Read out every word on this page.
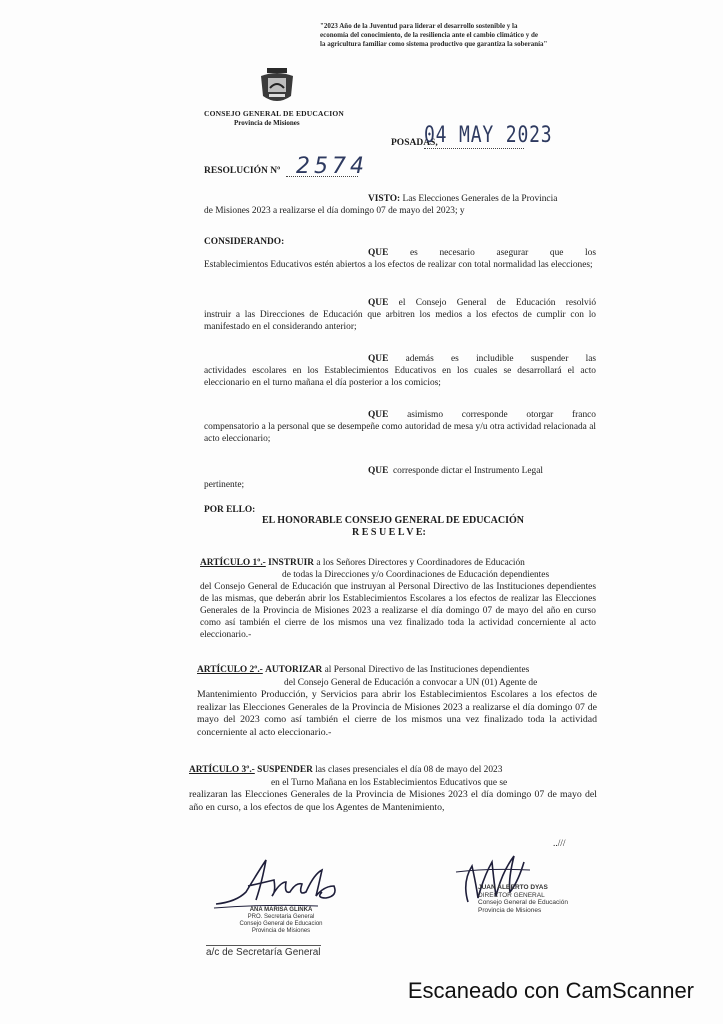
"2023 Año de la Juventud para liderar el desarrollo sostenible y la
economía del conocimiento, de la resiliencia ante el cambio climático y de
la agricultura familiar como sistema productivo que garantiza la soberanía"
CONSEJO GENERAL DE EDUCACION
Provincia de Misiones
POSADAS,
04 MAY 2023
RESOLUCIÓN Nº 2574
VISTO: Las Elecciones Generales de la Provincia
de Misiones 2023 a realizarse el día domingo 07 de mayo del 2023; y
CONSIDERANDO:
QUE es necesario asegurar que los
Establecimientos Educativos estén abiertos a los efectos de realizar con total normalidad las elecciones;
QUE el Consejo General de Educación resolvió
instruir a las Direcciones de Educación que arbitren los medios a los efectos de cumplir con lo manifestado en el considerando anterior;
QUE además es includible suspender las
actividades escolares en los Establecimientos Educativos en los cuales se desarrollará el acto eleccionario en el turno mañana el día posterior a los comicios;
QUE asimismo corresponde otorgar franco
compensatorio a la personal que se desempeñe como autoridad de mesa y/u otra actividad relacionada al acto eleccionario;
QUE corresponde dictar el Instrumento Legal
pertinente;
POR ELLO:
EL HONORABLE CONSEJO GENERAL DE EDUCACIÓN
R E S U E L V E:
ARTÍCULO 1º.- INSTRUIR a los Señores Directores y Coordinadores de Educación
de todas la Direcciones y/o Coordinaciones de Educación dependientes
del Consejo General de Educación que instruyan al Personal Directivo de las Instituciones dependientes de las mismas, que deberán abrir los Establecimientos Escolares a los efectos de realizar las Elecciones Generales de la Provincia de Misiones 2023 a realizarse el día domingo 07 de mayo del año en curso como así también el cierre de los mismos una vez finalizado toda la actividad concerniente al acto eleccionario.-
ARTÍCULO 2º.- AUTORIZAR al Personal Directivo de las Instituciones dependientes
del Consejo General de Educación a convocar a UN (01) Agente de
Mantenimiento Producción, y Servicios para abrir los Establecimientos Escolares a los efectos de realizar las Elecciones Generales de la Provincia de Misiones 2023 a realizarse el día domingo 07 de mayo del 2023 como así también el cierre de los mismos una vez finalizado toda la actividad concerniente al acto eleccionario.-
ARTÍCULO 3º.- SUSPENDER las clases presenciales el día 08 de mayo del 2023
en el Turno Mañana en los Establecimientos Educativos que se
realizaran las Elecciones Generales de la Provincia de Misiones 2023 el día domingo 07 de mayo del año en curso, a los efectos de que los Agentes de Mantenimiento,
..///
ANA MARISA GLINKA
PRO. Secretaria General
Consejo General de Educacion
Provincia de Misiones
a/c de Secretaría General
JUAN ALBERTO DYAS
DIRECTOR GENERAL
Consejo General de Educación
Provincia de Misiones
Escaneado con CamScanner
